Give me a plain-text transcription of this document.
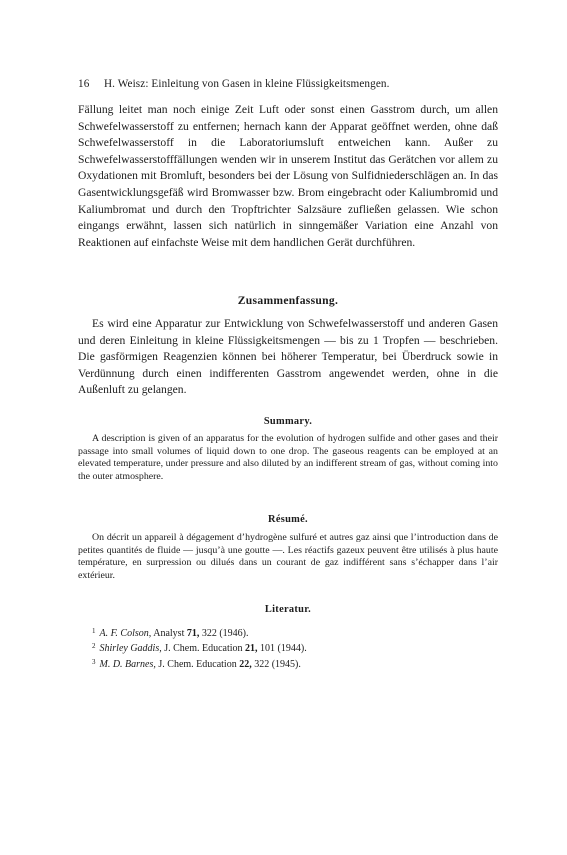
16 H. Weisz: Einleitung von Gasen in kleine Flüssigkeitsmengen.

Fällung leitet man noch einige Zeit Luft oder sonst einen Gasstrom durch, um allen Schwefelwasserstoff zu entfernen; hernach kann der Apparat geöffnet werden, ohne daß Schwefelwasserstoff in die Laboratoriumsluft entweichen kann. Außer zu Schwefelwasserstofffällungen wenden wir in unserem Institut das Gerätchen vor allem zu Oxydationen mit Bromluft, besonders bei der Lösung von Sulfidniederschlägen an. In das Gasentwicklungsgefäß wird Bromwasser bzw. Brom eingebracht oder Kaliumbromid und Kaliumbromat und durch den Tropftrichter Salzsäure zufließen gelassen. Wie schon eingangs erwähnt, lassen sich natürlich in sinngemäßer Variation eine Anzahl von Reaktionen auf einfachste Weise mit dem handlichen Gerät durchführen.

Zusammenfassung.

Es wird eine Apparatur zur Entwicklung von Schwefelwasserstoff und anderen Gasen und deren Einleitung in kleine Flüssigkeitsmengen — bis zu 1 Tropfen — beschrieben. Die gasförmigen Reagenzien können bei höherer Temperatur, bei Überdruck sowie in Verdünnung durch einen indifferenten Gasstrom angewendet werden, ohne in die Außenluft zu gelangen.

Summary.

A description is given of an apparatus for the evolution of hydrogen sulfide and other gases and their passage into small volumes of liquid down to one drop. The gaseous reagents can be employed at an elevated temperature, under pressure and also diluted by an indifferent stream of gas, without coming into the outer atmosphere.

Résumé.

On décrit un appareil à dégagement d’hydrogène sulfuré et autres gaz ainsi que l’introduction dans de petites quantités de fluide — jusqu’à une goutte —. Les réactifs gazeux peuvent être utilisés à plus haute température, en surpression ou dilués dans un courant de gaz indifférent sans s’échapper dans l’air extérieur.

Literatur.
$^1$ A. F. Colson, Analyst 71, 322 (1946).
$^2$ Shirley Gaddis, J. Chem. Education 21, 101 (1944).
$^3$ M. D. Barnes, J. Chem. Education 22, 322 (1945).
